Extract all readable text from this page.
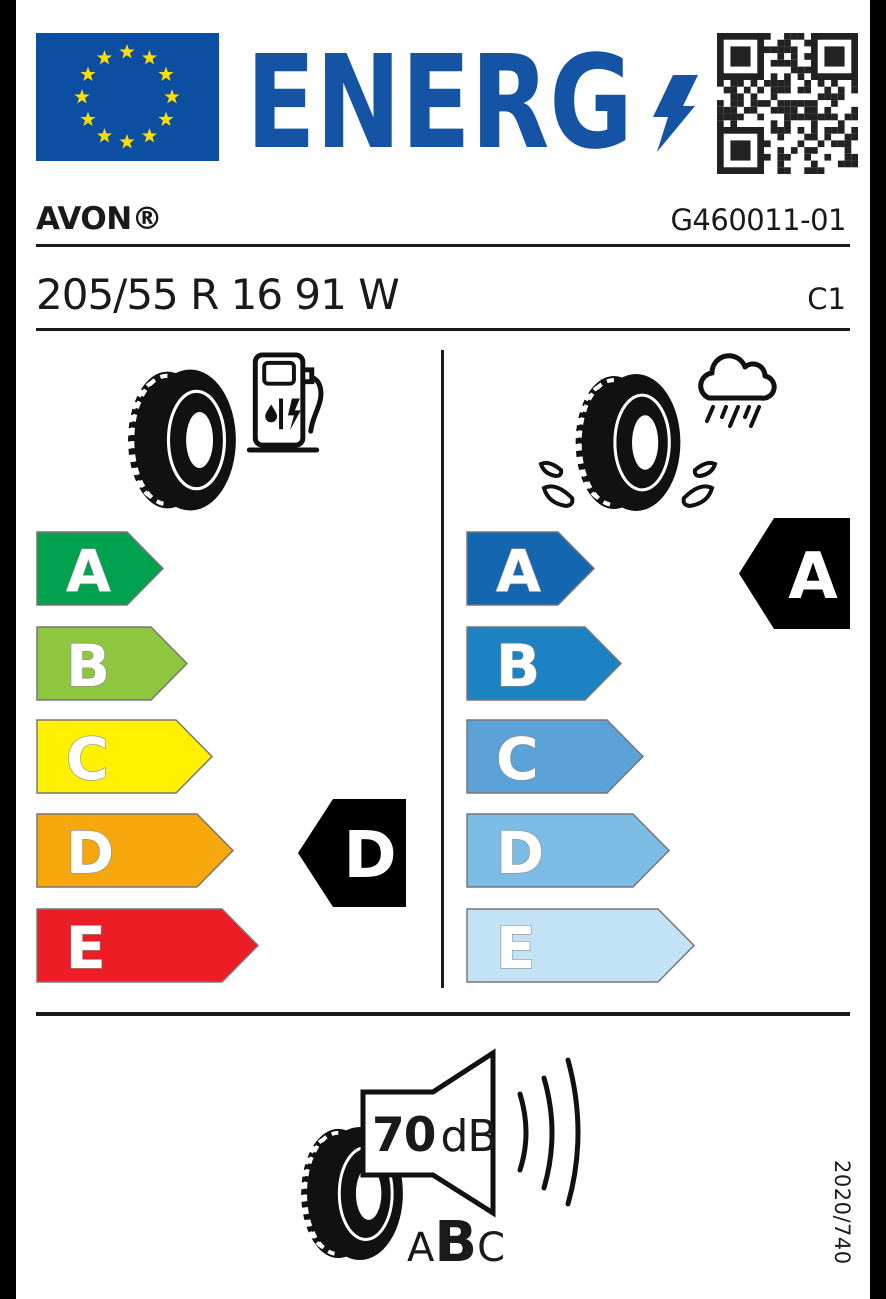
ENERG
AVON®	G460011-01
205/55 R 16 91 W	C1
A
B
C
D
E
D
A
B
C
D
E
A
70 dB
ABC	2020/740
